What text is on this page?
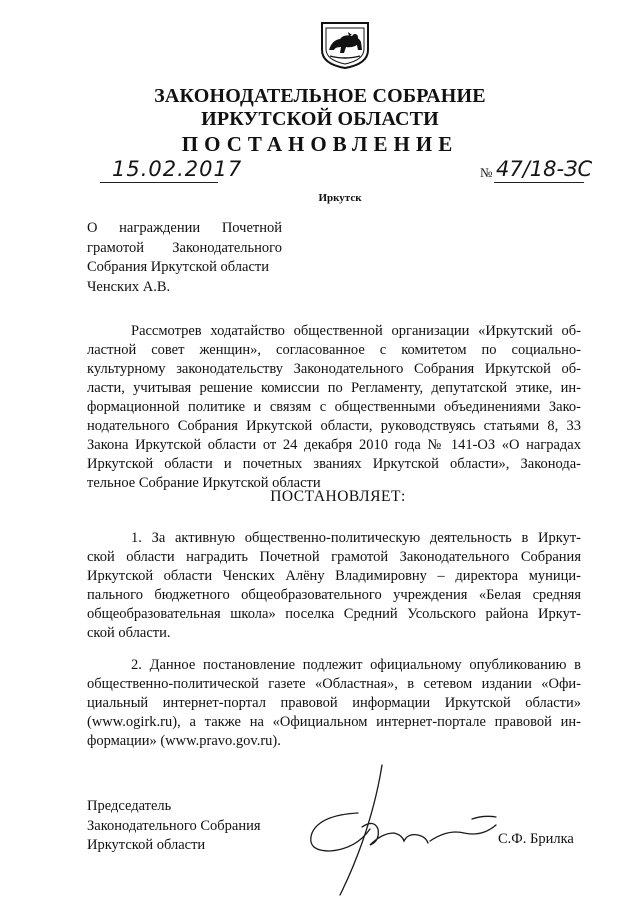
ЗАКОНОДАТЕЛЬНОЕ СОБРАНИЕ
ИРКУТСКОЙ ОБЛАСТИ
ПОСТАНОВЛЕНИЕ
15.02.2017	№ 47/18-ЗС
Иркутск
О награждении Почетной
грамотой Законодательного
Собрания Иркутской области
Ченских А.В.
Рассмотрев ходатайство общественной организации «Иркутский об-
ластной совет женщин», согласованное с комитетом по социально-
культурному законодательству Законодательного Собрания Иркутской об-
ласти, учитывая решение комиссии по Регламенту, депутатской этике, ин-
формационной политике и связям с общественными объединениями Зако-
нодательного Собрания Иркутской области, руководствуясь статьями 8, 33
Закона Иркутской области от 24 декабря 2010 года № 141-ОЗ «О наградах
Иркутской области и почетных званиях Иркутской области», Законода-
тельное Собрание Иркутской области
ПОСТАНОВЛЯЕТ:
1. За активную общественно-политическую деятельность в Иркут-
ской области наградить Почетной грамотой Законодательного Собрания
Иркутской области Ченских Алёну Владимировну – директора муници-
пального бюджетного общеобразовательного учреждения «Белая средняя
общеобразовательная школа» поселка Средний Усольского района Иркут-
ской области.
2. Данное постановление подлежит официальному опубликованию в
общественно-политической газете «Областная», в сетевом издании «Офи-
циальный интернет-портал правовой информации Иркутской области»
(www.ogirk.ru), а также на «Официальном интернет-портале правовой ин-
формации» (www.pravo.gov.ru).
Председатель
Законодательного Собрания
Иркутской области	С.Ф. Брилка
